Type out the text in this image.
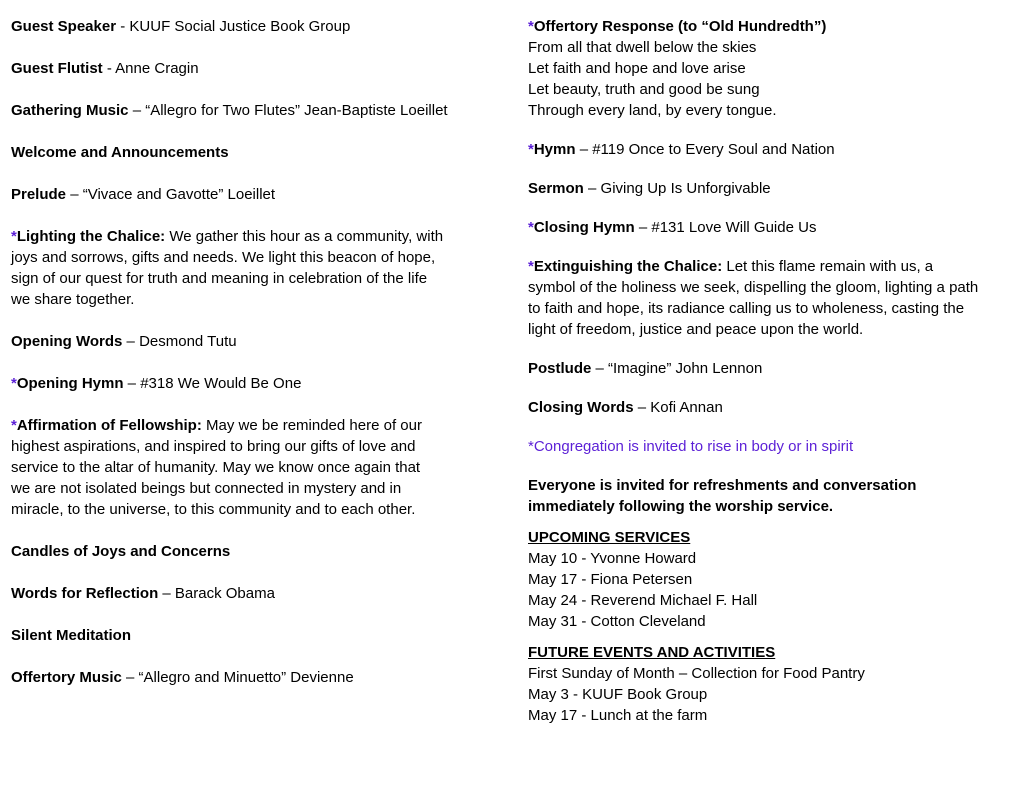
Guest Speaker - KUUF Social Justice Book Group

Guest Flutist - Anne Cragin

Gathering Music – “Allegro for Two Flutes” Jean-Baptiste Loeillet

Welcome and Announcements

Prelude – “Vivace and Gavotte” Loeillet

*Lighting the Chalice: We gather this hour as a community, with
joys and sorrows, gifts and needs. We light this beacon of hope,
sign of our quest for truth and meaning in celebration of the life
we share together.

Opening Words – Desmond Tutu

*Opening Hymn – #318 We Would Be One

*Affirmation of Fellowship: May we be reminded here of our
highest aspirations, and inspired to bring our gifts of love and
service to the altar of humanity. May we know once again that
we are not isolated beings but connected in mystery and in
miracle, to the universe, to this community and to each other.

Candles of Joys and Concerns

Words for Reflection – Barack Obama

Silent Meditation

Offertory Music – “Allegro and Minuetto” Devienne

*Offertory Response (to “Old Hundredth”)
From all that dwell below the skies
Let faith and hope and love arise
Let beauty, truth and good be sung
Through every land, by every tongue.

*Hymn – #119 Once to Every Soul and Nation

Sermon – Giving Up Is Unforgivable

*Closing Hymn – #131 Love Will Guide Us

*Extinguishing the Chalice: Let this flame remain with us, a
symbol of the holiness we seek, dispelling the gloom, lighting a path
to faith and hope, its radiance calling us to wholeness, casting the
light of freedom, justice and peace upon the world.

Postlude – “Imagine” John Lennon

Closing Words – Kofi Annan

*Congregation is invited to rise in body or in spirit

Everyone is invited for refreshments and conversation
immediately following the worship service.

UPCOMING SERVICES

May 10 - Yvonne Howard
May 17 - Fiona Petersen
May 24 - Reverend Michael F. Hall
May 31 - Cotton Cleveland

FUTURE EVENTS AND ACTIVITIES

First Sunday of Month – Collection for Food Pantry
May 3 - KUUF Book Group
May 17 - Lunch at the farm
